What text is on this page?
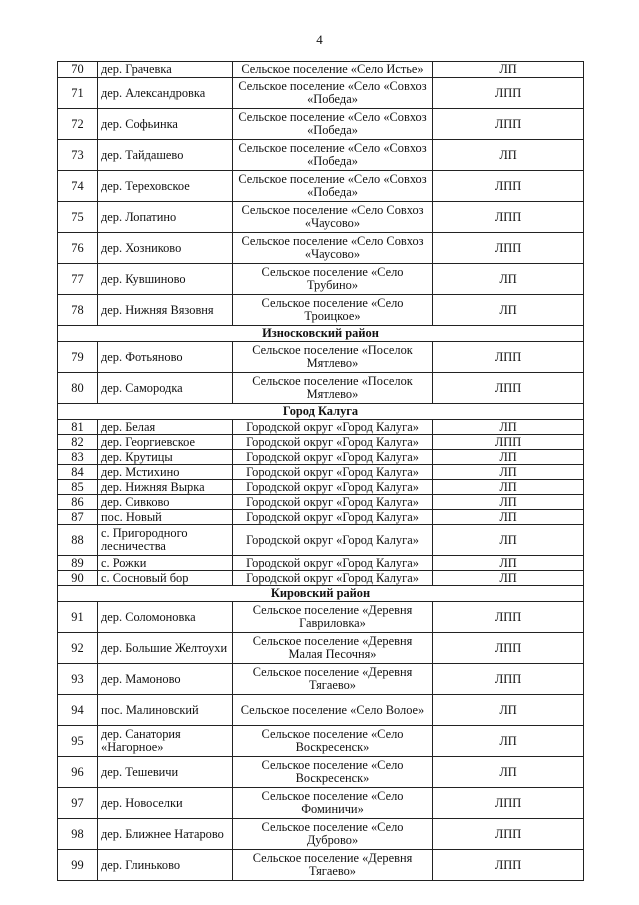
4
70	дер. Грачевка	Сельское поселение «Село Истье»	ЛП
71	дер. Александровка	Сельское поселение «Село «Совхоз «Победа»	ЛПП
72	дер. Софьинка	Сельское поселение «Село «Совхоз «Победа»	ЛПП
73	дер. Тайдашево	Сельское поселение «Село «Совхоз «Победа»	ЛП
74	дер. Тереховское	Сельское поселение «Село «Совхоз «Победа»	ЛПП
75	дер. Лопатино	Сельское поселение «Село Совхоз «Чаусово»	ЛПП
76	дер. Хозниково	Сельское поселение «Село Совхоз «Чаусово»	ЛПП
77	дер. Кувшиново	Сельское поселение «Село Трубино»	ЛП
78	дер. Нижняя Вязовня	Сельское поселение «Село Троицкое»	ЛП
Износковский район			
79	дер. Фотьяново	Сельское поселение «Поселок Мятлево»	ЛПП
80	дер. Самородка	Сельское поселение «Поселок Мятлево»	ЛПП
Город Калуга			
81	дер. Белая	Городской округ «Город Калуга»	ЛП
82	дер. Георгиевское	Городской округ «Город Калуга»	ЛПП
83	дер. Крутицы	Городской округ «Город Калуга»	ЛП
84	дер. Мстихино	Городской округ «Город Калуга»	ЛП
85	дер. Нижняя Вырка	Городской округ «Город Калуга»	ЛП
86	дер. Сивково	Городской округ «Город Калуга»	ЛП
87	пос. Новый	Городской округ «Город Калуга»	ЛП
88	с. Пригородного лесничества	Городской округ «Город Калуга»	ЛП
89	с. Рожки	Городской округ «Город Калуга»	ЛП
90	с. Сосновый бор	Городской округ «Город Калуга»	ЛП
Кировский район			
91	дер. Соломоновка	Сельское поселение «Деревня Гавриловка»	ЛПП
92	дер. Большие Желтоухи	Сельское поселение «Деревня Малая Песочня»	ЛПП
93	дер. Мамоново	Сельское поселение «Деревня Тягаево»	ЛПП
94	пос. Малиновский	Сельское поселение «Село Волое»	ЛП
95	дер. Санатория «Нагорное»	Сельское поселение «Село Воскресенск»	ЛП
96	дер. Тешевичи	Сельское поселение «Село Воскресенск»	ЛП
97	дер. Новоселки	Сельское поселение «Село Фоминичи»	ЛПП
98	дер. Ближнее Натарово	Сельское поселение «Село Дуброво»	ЛПП
99	дер. Глиньково	Сельское поселение «Деревня Тягаево»	ЛПП
